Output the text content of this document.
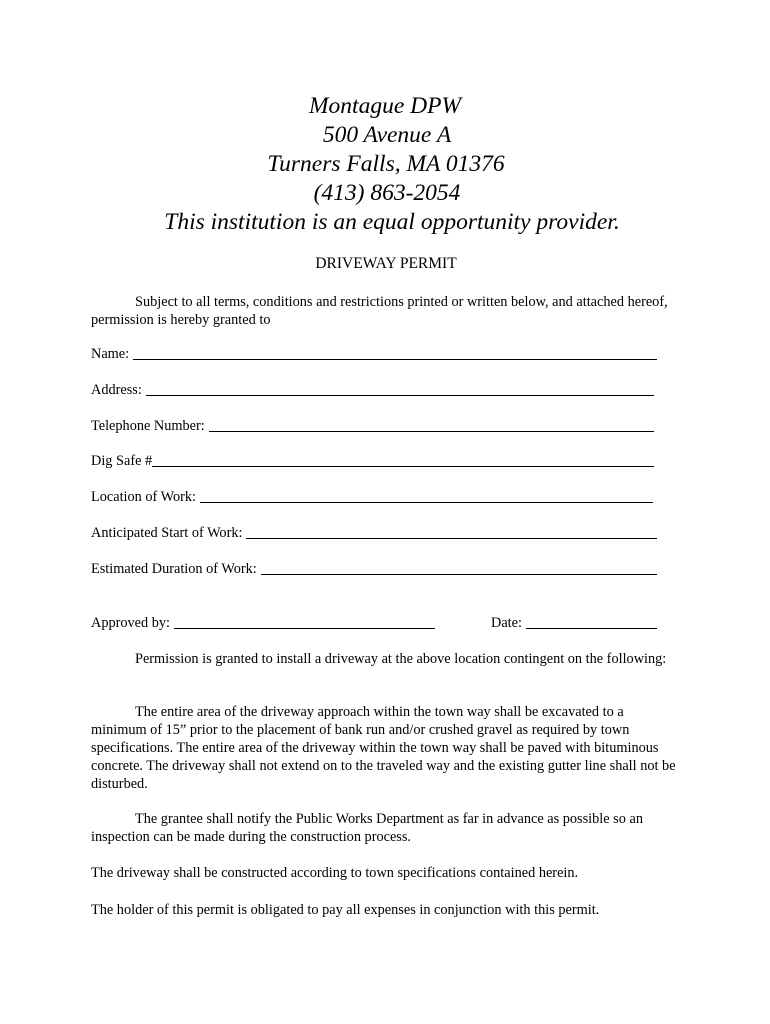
Montague DPW
500 Avenue A
Turners Falls, MA 01376
(413) 863-2054
This institution is an equal opportunity provider.
DRIVEWAY PERMIT

Subject to all terms, conditions and restrictions printed or written below, and attached hereof, permission is hereby granted to

Name:
Address:
Telephone Number:
Dig Safe #
Location of Work:
Anticipated Start of Work:
Estimated Duration of Work:
Approved by:	Date:

Permission is granted to install a driveway at the above location contingent on the following:

The entire area of the driveway approach within the town way shall be excavated to a minimum of 15” prior to the placement of bank run and/or crushed gravel as required by town specifications. The entire area of the driveway within the town way shall be paved with bituminous concrete. The driveway shall not extend on to the traveled way and the existing gutter line shall not be disturbed.

The grantee shall notify the Public Works Department as far in advance as possible so an inspection can be made during the construction process.

The driveway shall be constructed according to town specifications contained herein.

The holder of this permit is obligated to pay all expenses in conjunction with this permit.
